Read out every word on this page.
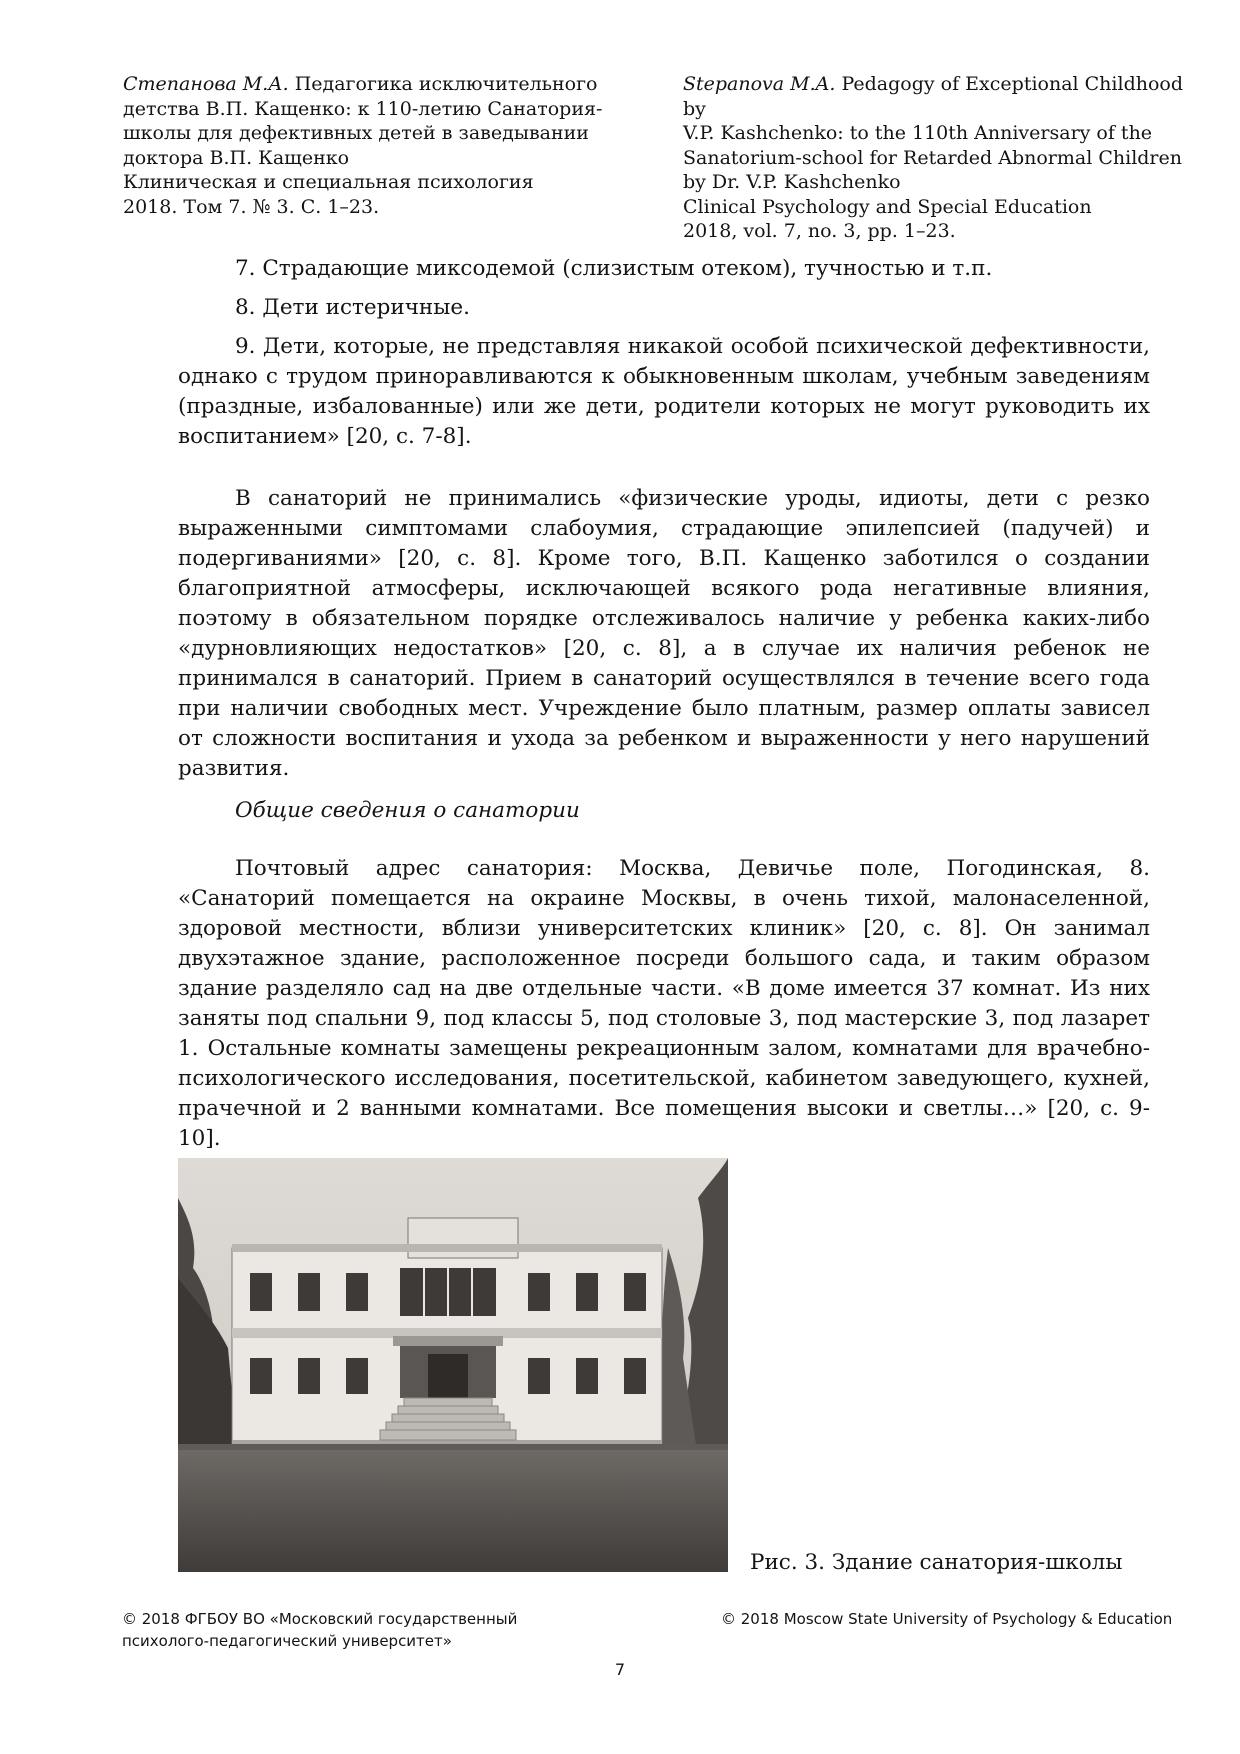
Степанова М.А. Педагогика исключительного

детства В.П. Кащенко: к 110-летию Санатория-

школы для дефективных детей в заведывании

доктора В.П. Кащенко

Клиническая и специальная психология

2018. Том 7. № 3. С. 1–23.

Stepanova M.A. Pedagogy of Exceptional Childhood by

V.P. Kashchenko: to the 110th Anniversary of the

Sanatorium-school for Retarded Abnormal Children

by Dr. V.P. Kashchenko

Clinical Psychology and Special Education

2018, vol. 7, no. 3, pp. 1–23.

7. Страдающие миксодемой (слизистым отеком), тучностью и т.п.

8. Дети истеричные.

9. Дети, которые, не представляя никакой особой психической дефективности, однако с трудом приноравливаются к обыкновенным школам, учебным заведениям (праздные, избалованные) или же дети, родители которых не могут руководить их воспитанием» [20, с. 7-8].

В санаторий не принимались «физические уроды, идиоты, дети с резко выраженными симптомами слабоумия, страдающие эпилепсией (падучей) и подергиваниями» [20, с. 8]. Кроме того, В.П. Кащенко заботился о создании благоприятной атмосферы, исключающей всякого рода негативные влияния, поэтому в обязательном порядке отслеживалось наличие у ребенка каких-либо «дурновлияющих недостатков» [20, с. 8], а в случае их наличия ребенок не принимался в санаторий. Прием в санаторий осуществлялся в течение всего года при наличии свободных мест. Учреждение было платным, размер оплаты зависел от сложности воспитания и ухода за ребенком и выраженности у него нарушений развития.

Общие сведения о санатории

Почтовый адрес санатория: Москва, Девичье поле, Погодинская, 8. «Санаторий помещается на окраине Москвы, в очень тихой, малонаселенной, здоровой местности, вблизи университетских клиник» [20, с. 8]. Он занимал двухэтажное здание, расположенное посреди большого сада, и таким образом здание разделяло сад на две отдельные части. «В доме имеется 37 комнат. Из них заняты под спальни 9, под классы 5, под столовые 3, под мастерские 3, под лазарет 1. Остальные комнаты замещены рекреационным залом, комнатами для врачебно-психологического исследования, посетительской, кабинетом заведующего, кухней, прачечной и 2 ванными комнатами. Все помещения высоки и светлы…» [20, с. 9-10].

Рис. 3. Здание санатория-школы

© 2018 ФГБОУ ВО «Московский государственный

психолого-педагогический университет»

© 2018 Moscow State University of Psychology & Education

7
